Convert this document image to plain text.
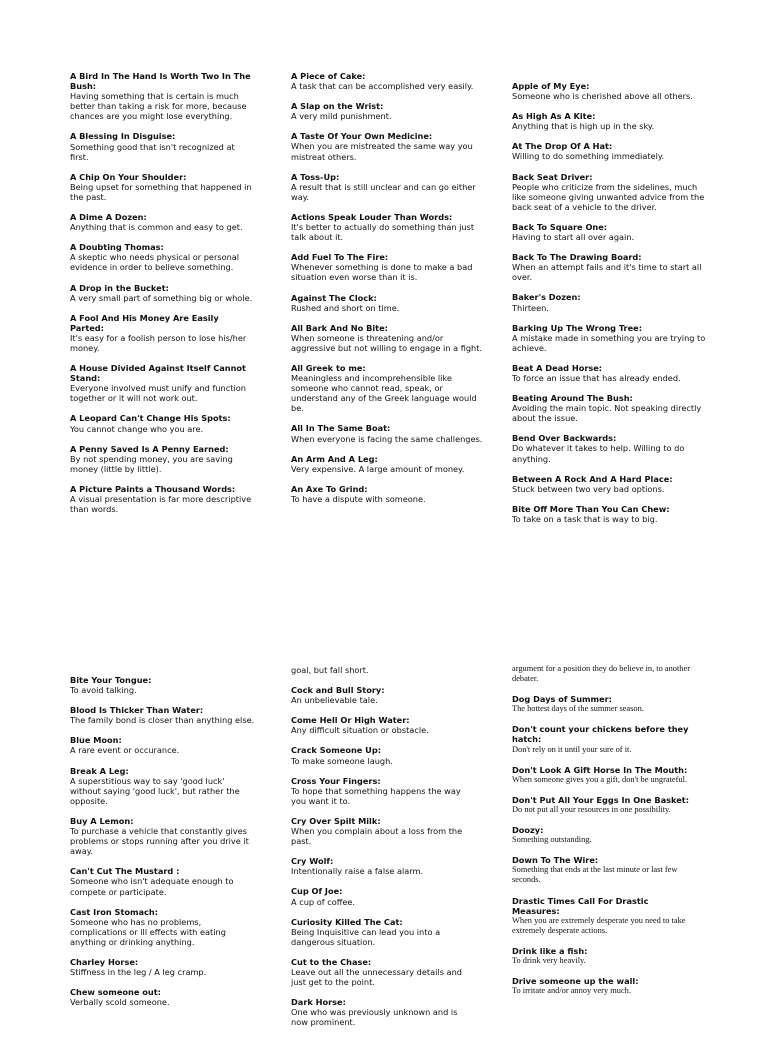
A Bird In The Hand Is Worth Two In The Bush:
Having something that is certain is much better than taking a risk for more, because chances are you might lose everything.
A Blessing In Disguise:
Something good that isn't recognized at first.
A Chip On Your Shoulder:
Being upset for something that happened in the past.
A Dime A Dozen:
Anything that is common and easy to get.
A Doubting Thomas:
A skeptic who needs physical or personal evidence in order to believe something.
A Drop in the Bucket:
A very small part of something big or whole.
A Fool And His Money Are Easily Parted:
It's easy for a foolish person to lose his/her money.
A House Divided Against Itself Cannot Stand:
Everyone involved must unify and function together or it will not work out.
A Leopard Can't Change His Spots:
You cannot change who you are.
A Penny Saved Is A Penny Earned:
By not spending money, you are saving money (little by little).
A Picture Paints a Thousand Words:
A visual presentation is far more descriptive than words.
A Piece of Cake:
A task that can be accomplished very easily.
A Slap on the Wrist:
A very mild punishment.
A Taste Of Your Own Medicine:
When you are mistreated the same way you mistreat others.
A Toss-Up:
A result that is still unclear and can go either way.
Actions Speak Louder Than Words:
It's better to actually do something than just talk about it.
Add Fuel To The Fire:
Whenever something is done to make a bad situation even worse than it is.
Against The Clock:
Rushed and short on time.
All Bark And No Bite:
When someone is threatening and/or aggressive but not willing to engage in a fight.
All Greek to me:
Meaningless and incomprehensible like someone who cannot read, speak, or understand any of the Greek language would be.
All In The Same Boat:
When everyone is facing the same challenges.
An Arm And A Leg:
Very expensive. A large amount of money.
An Axe To Grind:
To have a dispute with someone.
Apple of My Eye:
Someone who is cherished above all others.
As High As A Kite:
Anything that is high up in the sky.
At The Drop Of A Hat:
Willing to do something immediately.
Back Seat Driver:
People who criticize from the sidelines, much like someone giving unwanted advice from the back seat of a vehicle to the driver.
Back To Square One:
Having to start all over again.
Back To The Drawing Board:
When an attempt fails and it's time to start all over.
Baker's Dozen:
Thirteen.
Barking Up The Wrong Tree:
A mistake made in something you are trying to achieve.
Beat A Dead Horse:
To force an issue that has already ended.
Beating Around The Bush:
Avoiding the main topic. Not speaking directly about the issue.
Bend Over Backwards:
Do whatever it takes to help. Willing to do anything.
Between A Rock And A Hard Place:
Stuck between two very bad options.
Bite Off More Than You Can Chew:
To take on a task that is way to big.
Bite Your Tongue:
To avoid talking.
Blood Is Thicker Than Water:
The family bond is closer than anything else.
Blue Moon:
A rare event or occurance.
Break A Leg:
A superstitious way to say 'good luck' without saying 'good luck', but rather the opposite.
Buy A Lemon:
To purchase a vehicle that constantly gives problems or stops running after you drive it away.
Can't Cut The Mustard :
Someone who isn't adequate enough to compete or participate.
Cast Iron Stomach:
Someone who has no problems, complications or ill effects with eating anything or drinking anything.
Charley Horse:
Stiffness in the leg / A leg cramp.
Chew someone out:
Verbally scold someone.
goal, but fall short.
Cock and Bull Story:
An unbelievable tale.
Come Hell Or High Water:
Any difficult situation or obstacle.
Crack Someone Up:
To make someone laugh.
Cross Your Fingers:
To hope that something happens the way you want it to.
Cry Over Spilt Milk:
When you complain about a loss from the past.
Cry Wolf:
Intentionally raise a false alarm.
Cup Of Joe:
A cup of coffee.
Curiosity Killed The Cat:
Being Inquisitive can lead you into a dangerous situation.
Cut to the Chase:
Leave out all the unnecessary details and just get to the point.
Dark Horse:
One who was previously unknown and is now prominent.
argument for a position they do believe in, to another debater.
Dog Days of Summer:
The hottest days of the summer season.
Don't count your chickens before they hatch:
Don't rely on it until your sure of it.
Don't Look A Gift Horse In The Mouth:
When someone gives you a gift, don't be ungrateful.
Don't Put All Your Eggs In One Basket:
Do not put all your resources in one possibility.
Doozy:
Something outstanding.
Down To The Wire:
Something that ends at the last minute or last few seconds.
Drastic Times Call For Drastic Measures:
When you are extremely desperate you need to take extremely desperate actions.
Drink like a fish:
To drink very heavily.
Drive someone up the wall:
To irritate and/or annoy very much.
